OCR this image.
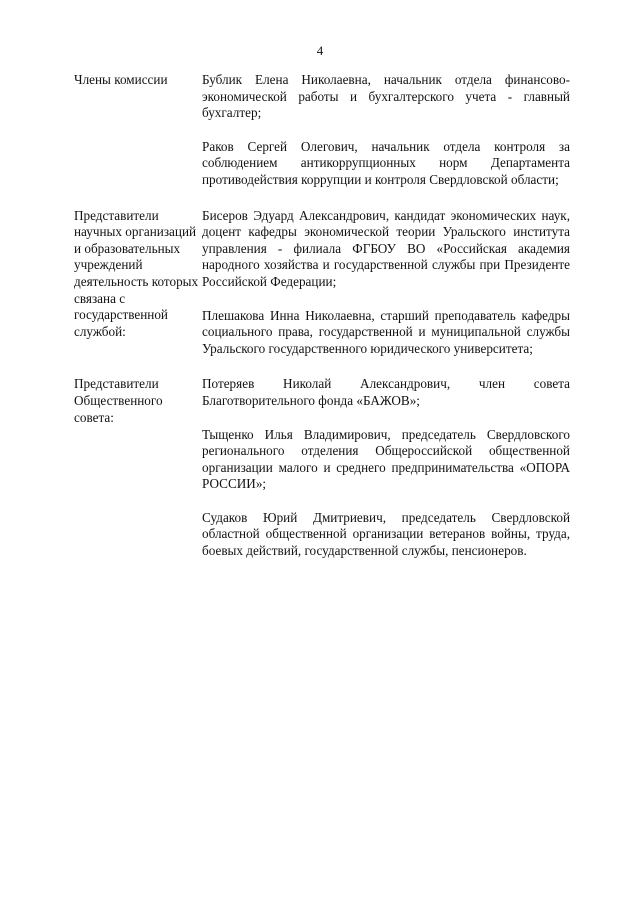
4
Члены комиссии	Бублик Елена Николаевна, начальник отдела финансово-экономической работы и бухгалтерского учета - главный бухгалтер;

Раков Сергей Олегович, начальник отдела контроля за соблюдением антикоррупционных норм Департамента противодействия коррупции и контроля Свердловской области;

Представители научных организаций и образовательных учреждений деятельность которых связана с государственной службой:

Бисеров Эдуард Александрович, кандидат экономических наук, доцент кафедры экономической теории Уральского института управления - филиала ФГБОУ ВО «Российская академия народного хозяйства и государственной службы при Президенте Российской Федерации;

Плешакова Инна Николаевна, старший преподаватель кафедры социального права, государственной и муниципальной службы Уральского государственного юридического университета;

Представители Общественного совета:

Потеряев Николай Александрович, член совета Благотворительного фонда «БАЖОВ»;

Тыщенко Илья Владимирович, председатель Свердловского регионального отделения Общероссийской общественной организации малого и среднего предпринимательства «ОПОРА РОССИИ»;

Судаков Юрий Дмитриевич, председатель Свердловской областной общественной организации ветеранов войны, труда, боевых действий, государственной службы, пенсионеров.
